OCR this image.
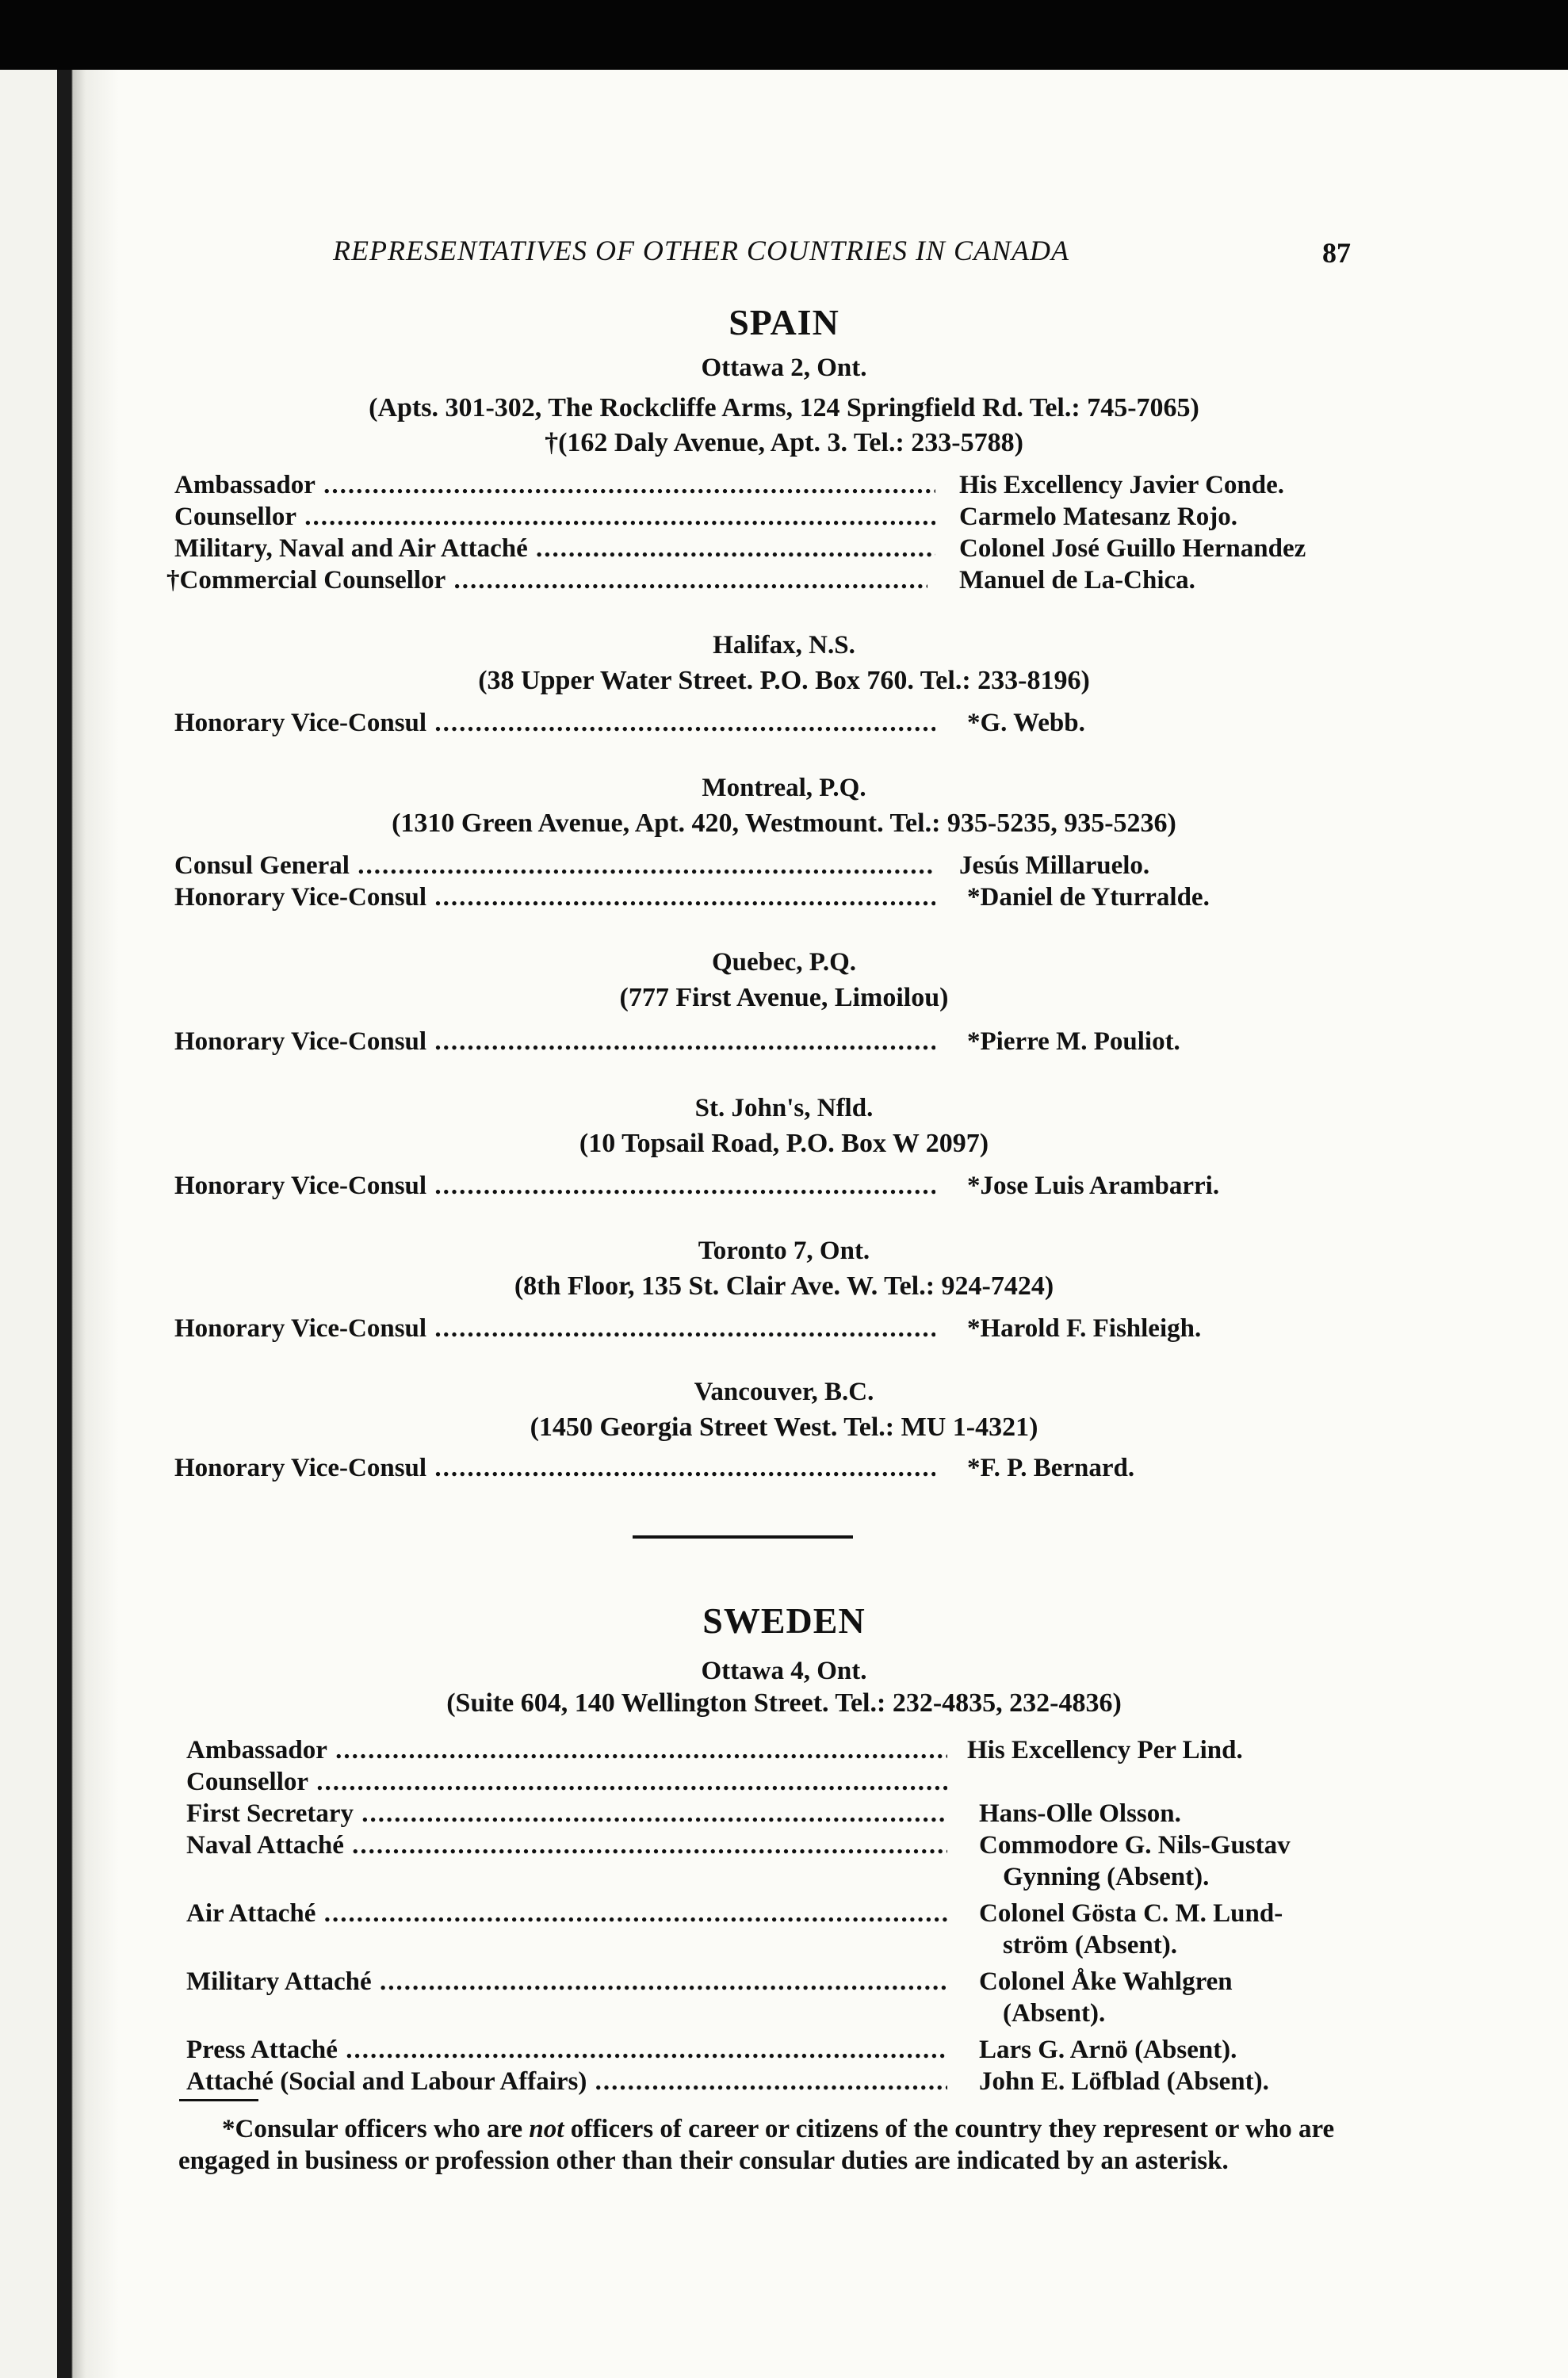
REPRESENTATIVES OF OTHER COUNTRIES IN CANADA	87
SPAIN
Ottawa 2, Ont.
(Apts. 301-302, The Rockcliffe Arms, 124 Springfield Rd. Tel.: 745-7065)
†(162 Daly Avenue, Apt. 3. Tel.: 233-5788)
Ambassador .....	His Excellency Javier Conde.
Counsellor .....	Carmelo Matesanz Rojo.
Military, Naval and Air Attaché .....	Colonel José Guillo Hernandez
†Commercial Counsellor .....	Manuel de La-Chica.
Halifax, N.S.
(38 Upper Water Street. P.O. Box 760. Tel.: 233-8196)
Honorary Vice-Consul .....	*G. Webb.
Montreal, P.Q.
(1310 Green Avenue, Apt. 420, Westmount. Tel.: 935-5235, 935-5236)
Consul General .....	Jesús Millaruelo.
Honorary Vice-Consul .....	*Daniel de Yturralde.
Quebec, P.Q.
(777 First Avenue, Limoilou)
Honorary Vice-Consul .....	*Pierre M. Pouliot.
St. John's, Nfld.
(10 Topsail Road, P.O. Box W 2097)
Honorary Vice-Consul .....	*Jose Luis Arambarri.
Toronto 7, Ont.
(8th Floor, 135 St. Clair Ave. W. Tel.: 924-7424)
Honorary Vice-Consul .....	*Harold F. Fishleigh.
Vancouver, B.C.
(1450 Georgia Street West. Tel.: MU 1-4321)
Honorary Vice-Consul .....	*F. P. Bernard.
SWEDEN
Ottawa 4, Ont.
(Suite 604, 140 Wellington Street. Tel.: 232-4835, 232-4836)
Ambassador .....	His Excellency Per Lind.
Counsellor .....
First Secretary .....	Hans-Olle Olsson.
Naval Attaché .....	Commodore G. Nils-Gustav
Gynning (Absent).
Air Attaché .....	Colonel Gösta C. M. Lund-
ström (Absent).
Military Attaché .....	Colonel Åke Wahlgren
(Absent).
Press Attaché .....	Lars G. Arnö (Absent).
Attaché (Social and Labour Affairs) .....	John E. Löfblad (Absent).
*Consular officers who are not officers of career or citizens of the country they represent or who are engaged in business or profession other than their consular duties are indicated by an asterisk.
